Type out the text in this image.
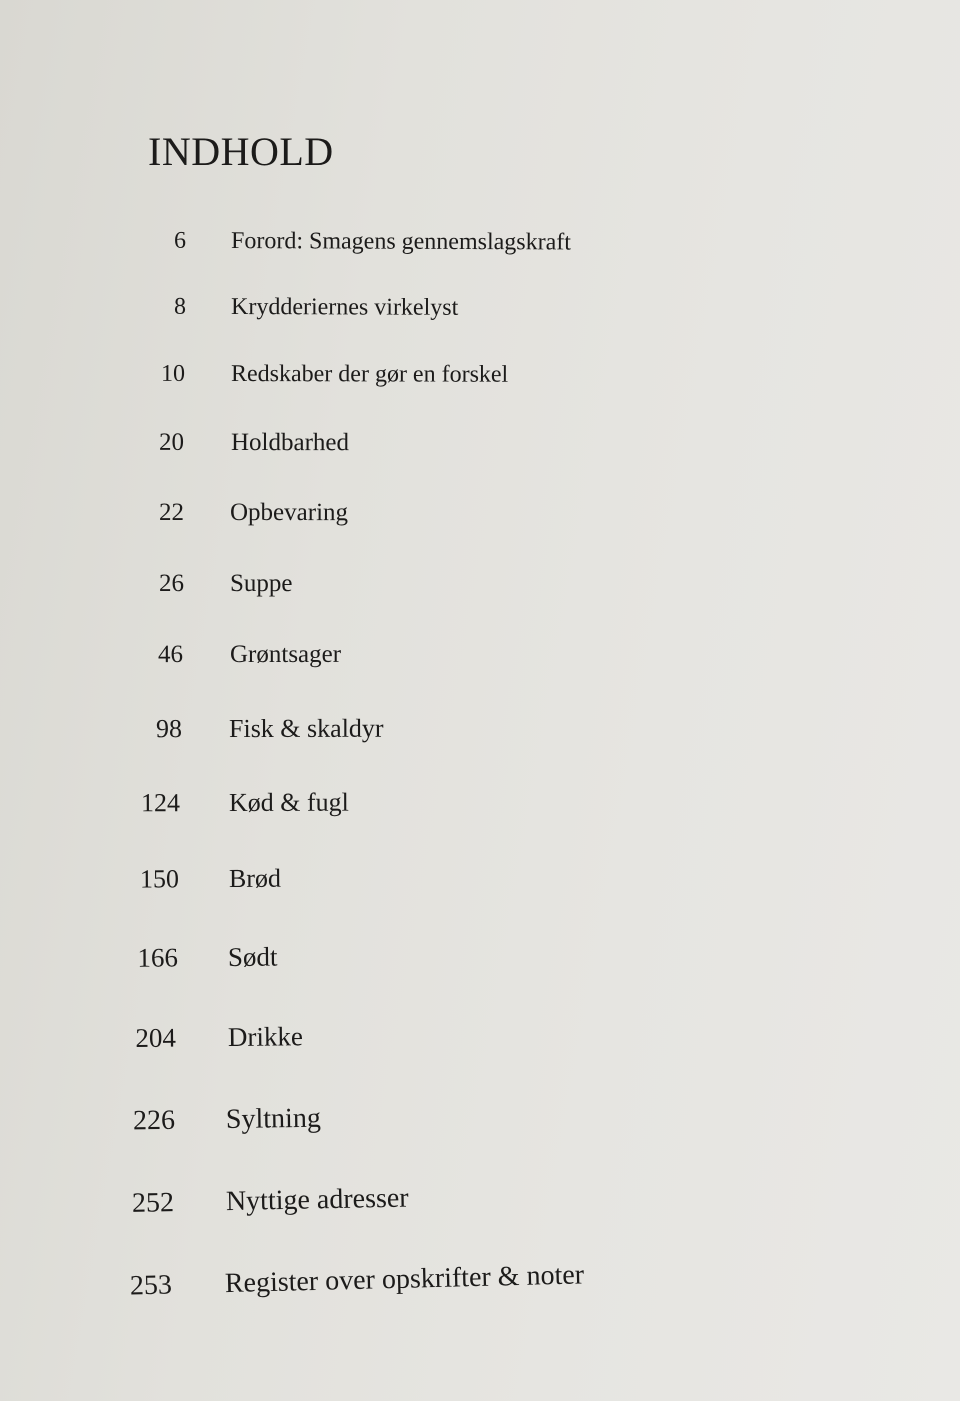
INDHOLD
6 Forord: Smagens gennemslagskraft
8 Krydderiernes virkelyst
10 Redskaber der gør en forskel
20 Holdbarhed
22 Opbevaring
26 Suppe
46 Grøntsager
98 Fisk & skaldyr
124 Kød & fugl
150 Brød
166 Sødt
204 Drikke
226 Syltning
252 Nyttige adresser
253 Register over opskrifter & noter
